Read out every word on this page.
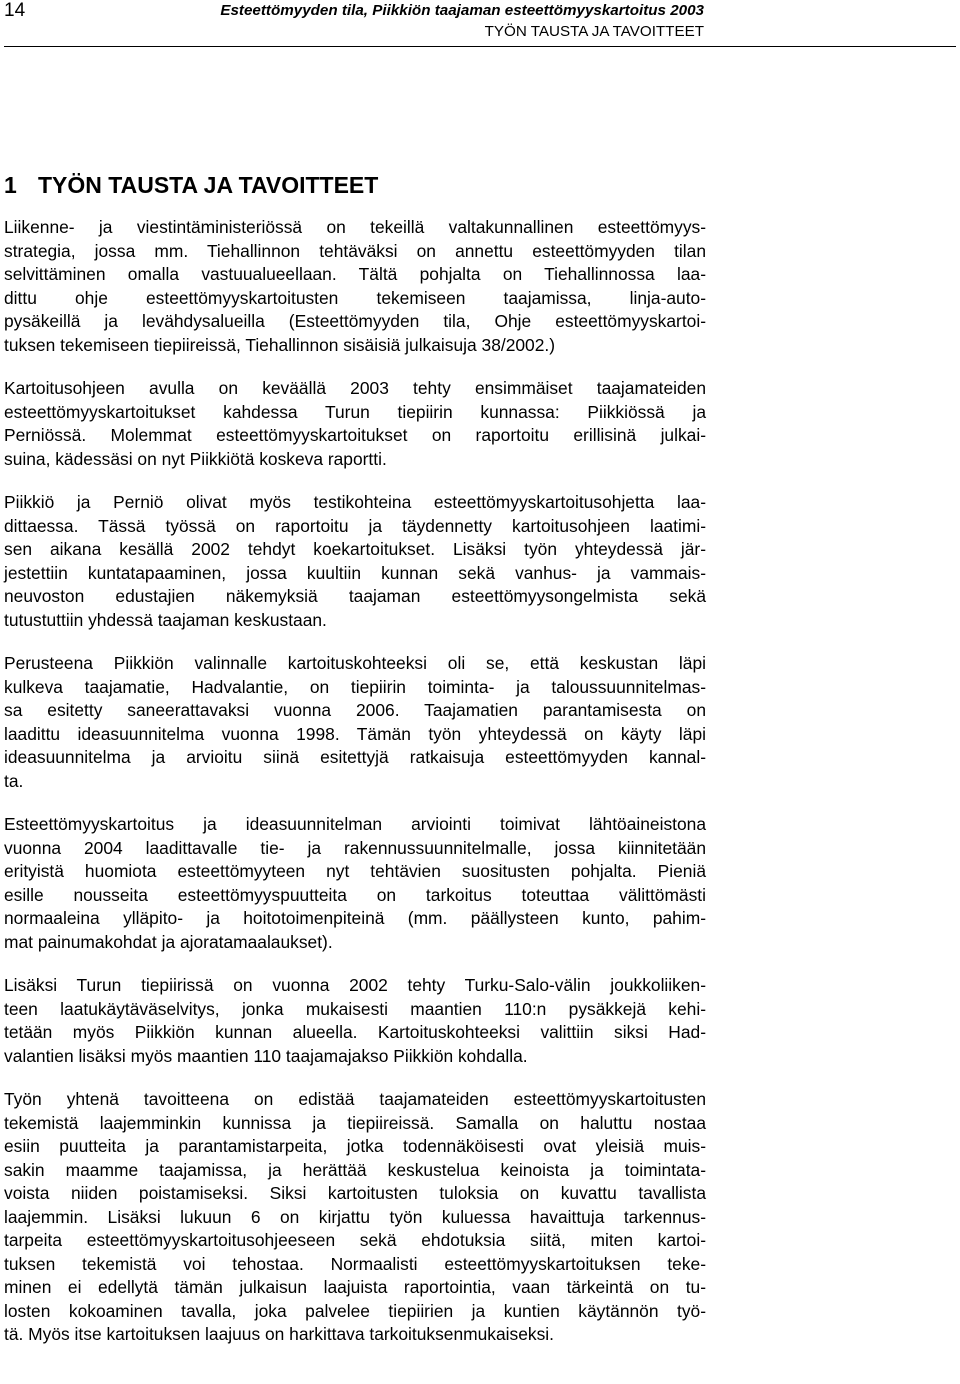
14	Esteettömyyden tila, Piikkiön taajaman esteettömyyskartoitus 2003
TYÖN TAUSTA JA TAVOITTEET
1 TYÖN TAUSTA JA TAVOITTEET

Liikenne- ja viestintäministeriössä on tekeillä valtakunnallinen esteettömyys-
strategia, jossa mm. Tiehallinnon tehtäväksi on annettu esteettömyyden tilan
selvittäminen omalla vastuualueellaan. Tältä pohjalta on Tiehallinnossa laa-
dittu ohje esteettömyyskartoitusten tekemiseen taajamissa, linja-auto-
pysäkeillä ja levähdysalueilla (Esteettömyyden tila, Ohje esteettömyyskartoi-
tuksen tekemiseen tiepiireissä, Tiehallinnon sisäisiä julkaisuja 38/2002.)

Kartoitusohjeen avulla on keväällä 2003 tehty ensimmäiset taajamateiden
esteettömyyskartoitukset kahdessa Turun tiepiirin kunnassa: Piikkiössä ja
Perniössä. Molemmat esteettömyyskartoitukset on raportoitu erillisinä julkai-
suina, kädessäsi on nyt Piikkiötä koskeva raportti.

Piikkiö ja Perniö olivat myös testikohteina esteettömyyskartoitusohjetta laa-
dittaessa. Tässä työssä on raportoitu ja täydennetty kartoitusohjeen laatimi-
sen aikana kesällä 2002 tehdyt koekartoitukset. Lisäksi työn yhteydessä jär-
jestettiin kuntatapaaminen, jossa kuultiin kunnan sekä vanhus- ja vammais-
neuvoston edustajien näkemyksiä taajaman esteettömyysongelmista sekä
tutustuttiin yhdessä taajaman keskustaan.

Perusteena Piikkiön valinnalle kartoituskohteeksi oli se, että keskustan läpi
kulkeva taajamatie, Hadvalantie, on tiepiirin toiminta- ja taloussuunnitelmas-
sa esitetty saneerattavaksi vuonna 2006. Taajamatien parantamisesta on
laadittu ideasuunnitelma vuonna 1998. Tämän työn yhteydessä on käyty läpi
ideasuunnitelma ja arvioitu siinä esitettyjä ratkaisuja esteettömyyden kannal-
ta.

Esteettömyyskartoitus ja ideasuunnitelman arviointi toimivat lähtöaineistona
vuonna 2004 laadittavalle tie- ja rakennussuunnitelmalle, jossa kiinnitetään
erityistä huomiota esteettömyyteen nyt tehtävien suositusten pohjalta. Pieniä
esille nousseita esteettömyyspuutteita on tarkoitus toteuttaa välittömästi
normaaleina ylläpito- ja hoitotoimenpiteinä (mm. päällysteen kunto, pahim-
mat painumakohdat ja ajoratamaalaukset).

Lisäksi Turun tiepiirissä on vuonna 2002 tehty Turku-Salo-välin joukkoliiken-
teen laatukäytäväselvitys, jonka mukaisesti maantien 110:n pysäkkejä kehi-
tetään myös Piikkiön kunnan alueella. Kartoituskohteeksi valittiin siksi Had-
valantien lisäksi myös maantien 110 taajamajakso Piikkiön kohdalla.

Työn yhtenä tavoitteena on edistää taajamateiden esteettömyyskartoitusten
tekemistä laajemminkin kunnissa ja tiepiireissä. Samalla on haluttu nostaa
esiin puutteita ja parantamistarpeita, jotka todennäköisesti ovat yleisiä muis-
sakin maamme taajamissa, ja herättää keskustelua keinoista ja toimintata-
voista niiden poistamiseksi. Siksi kartoitusten tuloksia on kuvattu tavallista
laajemmin. Lisäksi lukuun 6 on kirjattu työn kuluessa havaittuja tarkennus-
tarpeita esteettömyyskartoitusohjeeseen sekä ehdotuksia siitä, miten kartoi-
tuksen tekemistä voi tehostaa. Normaalisti esteettömyyskartoituksen teke-
minen ei edellytä tämän julkaisun laajuista raportointia, vaan tärkeintä on tu-
losten kokoaminen tavalla, joka palvelee tiepiirien ja kuntien käytännön työ-
tä. Myös itse kartoituksen laajuus on harkittava tarkoituksenmukaiseksi.
